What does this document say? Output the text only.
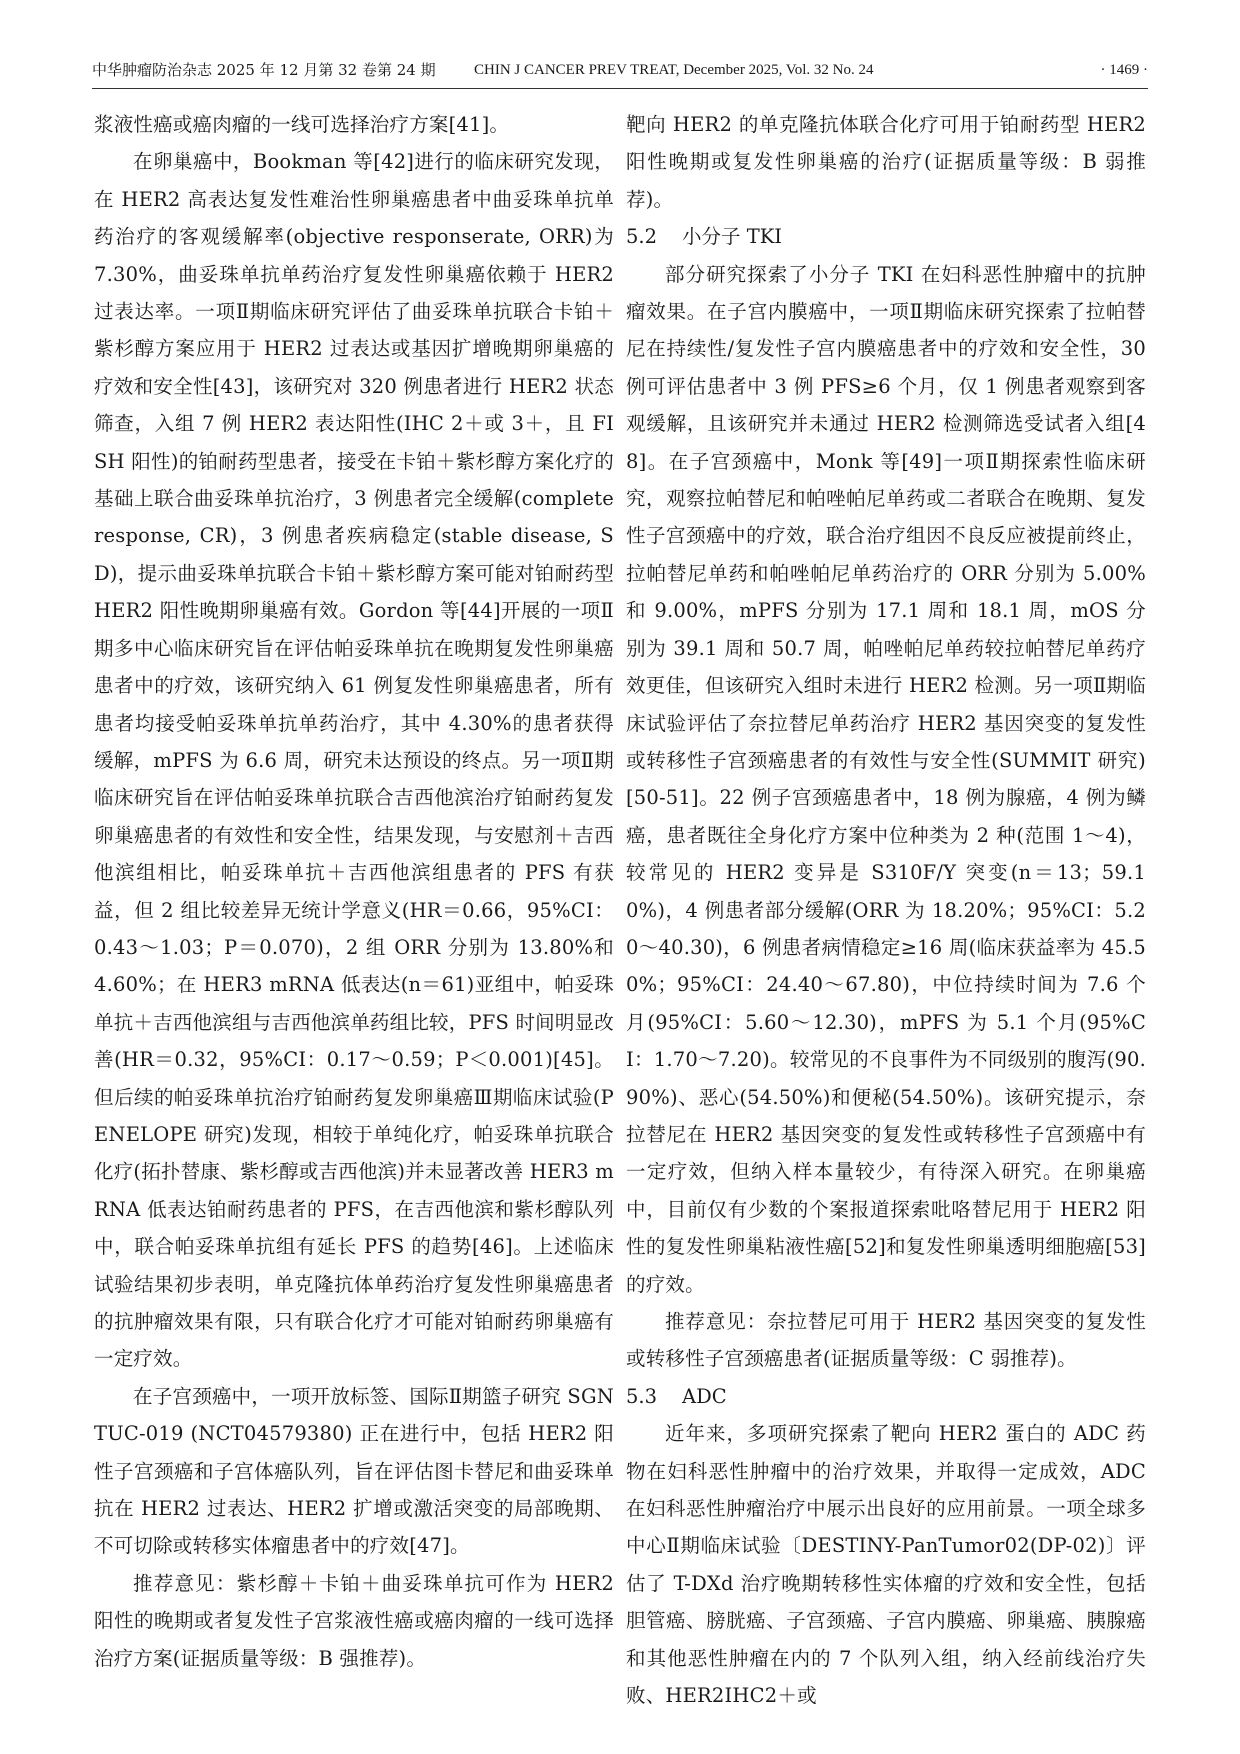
中华肿瘤防治杂志 2025 年 12 月第 32 卷第 24 期	CHIN J CANCER PREV TREAT, December 2025, Vol. 32 No. 24	· 1469 ·

浆液性癌或癌肉瘤的一线可选择治疗方案[41]。

在卵巢癌中，Bookman 等[42]进行的临床研究发现，在 HER2 高表达复发性难治性卵巢癌患者中曲妥珠单抗单药治疗的客观缓解率(objective responserate, ORR)为 7.30%，曲妥珠单抗单药治疗复发性卵巢癌依赖于 HER2 过表达率。一项Ⅱ期临床研究评估了曲妥珠单抗联合卡铂＋紫杉醇方案应用于 HER2 过表达或基因扩增晚期卵巢癌的疗效和安全性[43]，该研究对 320 例患者进行 HER2 状态筛查，入组 7 例 HER2 表达阳性(IHC 2＋或 3＋，且 FISH 阳性)的铂耐药型患者，接受在卡铂＋紫杉醇方案化疗的基础上联合曲妥珠单抗治疗，3 例患者完全缓解(complete response, CR)，3 例患者疾病稳定(stable disease, SD)，提示曲妥珠单抗联合卡铂＋紫杉醇方案可能对铂耐药型 HER2 阳性晚期卵巢癌有效。Gordon 等[44]开展的一项Ⅱ期多中心临床研究旨在评估帕妥珠单抗在晚期复发性卵巢癌患者中的疗效，该研究纳入 61 例复发性卵巢癌患者，所有患者均接受帕妥珠单抗单药治疗，其中 4.30%的患者获得缓解，mPFS 为 6.6 周，研究未达预设的终点。另一项Ⅱ期临床研究旨在评估帕妥珠单抗联合吉西他滨治疗铂耐药复发卵巢癌患者的有效性和安全性，结果发现，与安慰剂＋吉西他滨组相比，帕妥珠单抗＋吉西他滨组患者的 PFS 有获益，但 2 组比较差异无统计学意义(HR＝0.66，95%CI：0.43～1.03；P＝0.070)，2 组 ORR 分别为 13.80%和 4.60%；在 HER3 mRNA 低表达(n＝61)亚组中，帕妥珠单抗＋吉西他滨组与吉西他滨单药组比较，PFS 时间明显改善(HR＝0.32，95%CI：0.17～0.59；P＜0.001)[45]。但后续的帕妥珠单抗治疗铂耐药复发卵巢癌Ⅲ期临床试验(PENELOPE 研究)发现，相较于单纯化疗，帕妥珠单抗联合化疗(拓扑替康、紫杉醇或吉西他滨)并未显著改善 HER3 mRNA 低表达铂耐药患者的 PFS，在吉西他滨和紫杉醇队列中，联合帕妥珠单抗组有延长 PFS 的趋势[46]。上述临床试验结果初步表明，单克隆抗体单药治疗复发性卵巢癌患者的抗肿瘤效果有限，只有联合化疗才可能对铂耐药卵巢癌有一定疗效。

在子宫颈癌中，一项开放标签、国际Ⅱ期篮子研究 SGNTUC-019 (NCT04579380) 正在进行中，包括 HER2 阳性子宫颈癌和子宫体癌队列，旨在评估图卡替尼和曲妥珠单抗在 HER2 过表达、HER2 扩增或激活突变的局部晚期、不可切除或转移实体瘤患者中的疗效[47]。

推荐意见：紫杉醇＋卡铂＋曲妥珠单抗可作为 HER2 阳性的晚期或者复发性子宫浆液性癌或癌肉瘤的一线可选择治疗方案(证据质量等级：B 强推荐)。

靶向 HER2 的单克隆抗体联合化疗可用于铂耐药型 HER2 阳性晚期或复发性卵巢癌的治疗(证据质量等级：B 弱推荐)。

5.2 小分子 TKI

部分研究探索了小分子 TKI 在妇科恶性肿瘤中的抗肿瘤效果。在子宫内膜癌中，一项Ⅱ期临床研究探索了拉帕替尼在持续性/复发性子宫内膜癌患者中的疗效和安全性，30 例可评估患者中 3 例 PFS≥6 个月，仅 1 例患者观察到客观缓解，且该研究并未通过 HER2 检测筛选受试者入组[48]。在子宫颈癌中，Monk 等[49]一项Ⅱ期探索性临床研究，观察拉帕替尼和帕唑帕尼单药或二者联合在晚期、复发性子宫颈癌中的疗效，联合治疗组因不良反应被提前终止，拉帕替尼单药和帕唑帕尼单药治疗的 ORR 分别为 5.00%和 9.00%，mPFS 分别为 17.1 周和 18.1 周，mOS 分别为 39.1 周和 50.7 周，帕唑帕尼单药较拉帕替尼单药疗效更佳，但该研究入组时未进行 HER2 检测。另一项Ⅱ期临床试验评估了奈拉替尼单药治疗 HER2 基因突变的复发性或转移性子宫颈癌患者的有效性与安全性(SUMMIT 研究)[50-51]。22 例子宫颈癌患者中，18 例为腺癌，4 例为鳞癌，患者既往全身化疗方案中位种类为 2 种(范围 1～4)，较常见的 HER2 变异是 S310F/Y 突变(n＝13；59.10%)，4 例患者部分缓解(ORR 为 18.20%；95%CI：5.20～40.30)，6 例患者病情稳定≥16 周(临床获益率为 45.50%；95%CI：24.40～67.80)，中位持续时间为 7.6 个月(95%CI：5.60～12.30)，mPFS 为 5.1 个月(95%CI：1.70～7.20)。较常见的不良事件为不同级别的腹泻(90.90%)、恶心(54.50%)和便秘(54.50%)。该研究提示，奈拉替尼在 HER2 基因突变的复发性或转移性子宫颈癌中有一定疗效，但纳入样本量较少，有待深入研究。在卵巢癌中，目前仅有少数的个案报道探索吡咯替尼用于 HER2 阳性的复发性卵巢粘液性癌[52]和复发性卵巢透明细胞癌[53]的疗效。

推荐意见：奈拉替尼可用于 HER2 基因突变的复发性或转移性子宫颈癌患者(证据质量等级：C 弱推荐)。

5.3 ADC

近年来，多项研究探索了靶向 HER2 蛋白的 ADC 药物在妇科恶性肿瘤中的治疗效果，并取得一定成效，ADC 在妇科恶性肿瘤治疗中展示出良好的应用前景。一项全球多中心Ⅱ期临床试验〔DESTINY-PanTumor02(DP-02)〕评估了 T-DXd 治疗晚期转移性实体瘤的疗效和安全性，包括胆管癌、膀胱癌、子宫颈癌、子宫内膜癌、卵巢癌、胰腺癌和其他恶性肿瘤在内的 7 个队列入组，纳入经前线治疗失败、HER2IHC2＋或
